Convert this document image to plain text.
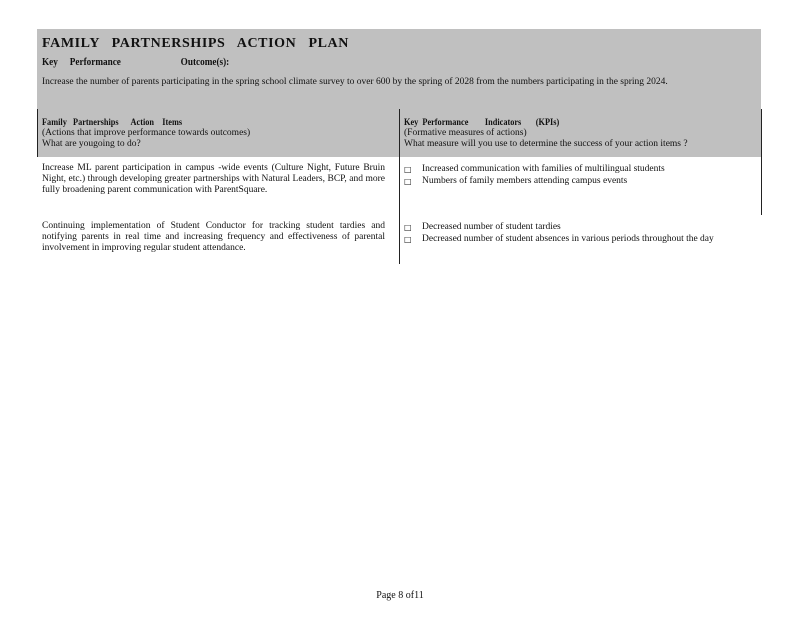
FAMILY PARTNERSHIPS ACTION PLAN
Key  Performance          Outcome(s):
Increase the number of parents participating in the spring school climate survey to over 600 by the spring of 2028 from the numbers participating in the spring 2024.
Family   Partnerships      Action    Items
(Actions that improve performance towards outcomes)
What are yougoing to do?
Key  Performance        Indicators       (KPIs)
(Formative measures of actions)
What measure will you use to determine the success of your action items ?
Increase ML parent participation in campus -wide events (Culture Night, Future Bruin Night, etc.) through developing greater partnerships with Natural Leaders, BCP, and more fully broadening parent communication with ParentSquare.
□ Increased communication with families of multilingual students
□ Numbers of family members attending campus events
Continuing implementation of Student Conductor for tracking student tardies and notifying parents in real time and increasing frequency and effectiveness of parental involvement in improving regular student attendance.
□ Decreased number of student tardies
□ Decreased number of student absences in various periods throughout the day
Page 8 of11
